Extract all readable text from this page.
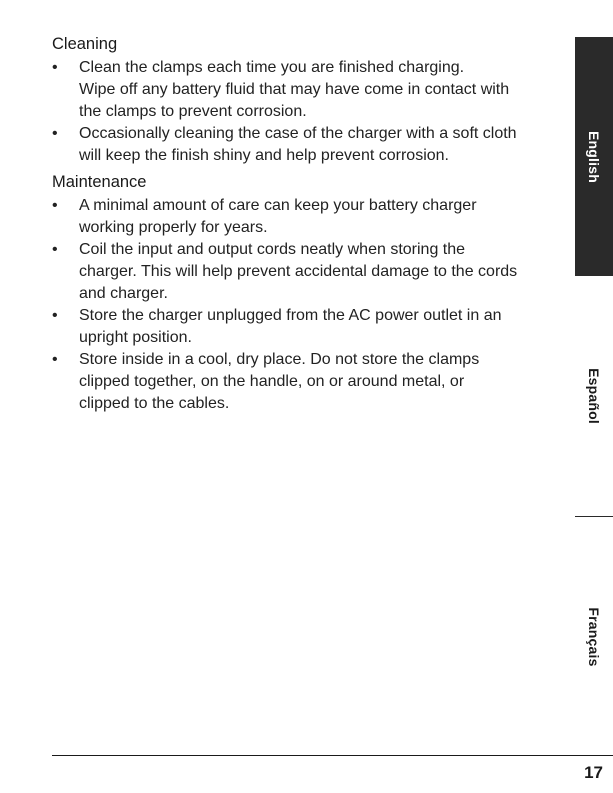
Cleaning
•	Clean the clamps each time you are finished charging.
Wipe off any battery fluid that may have come in contact with
the clamps to prevent corrosion.
•	Occasionally cleaning the case of the charger with a soft cloth
will keep the finish shiny and help prevent corrosion.
Maintenance
•	A minimal amount of care can keep your battery charger
working properly for years.
•	Coil the input and output cords neatly when storing the
charger. This will help prevent accidental damage to the cords
and charger.
•	Store the charger unplugged from the AC power outlet in an
upright position.
•	Store inside in a cool, dry place. Do not store the clamps
clipped together, on the handle, on or around metal, or
clipped to the cables.
English
Español
Français
17
